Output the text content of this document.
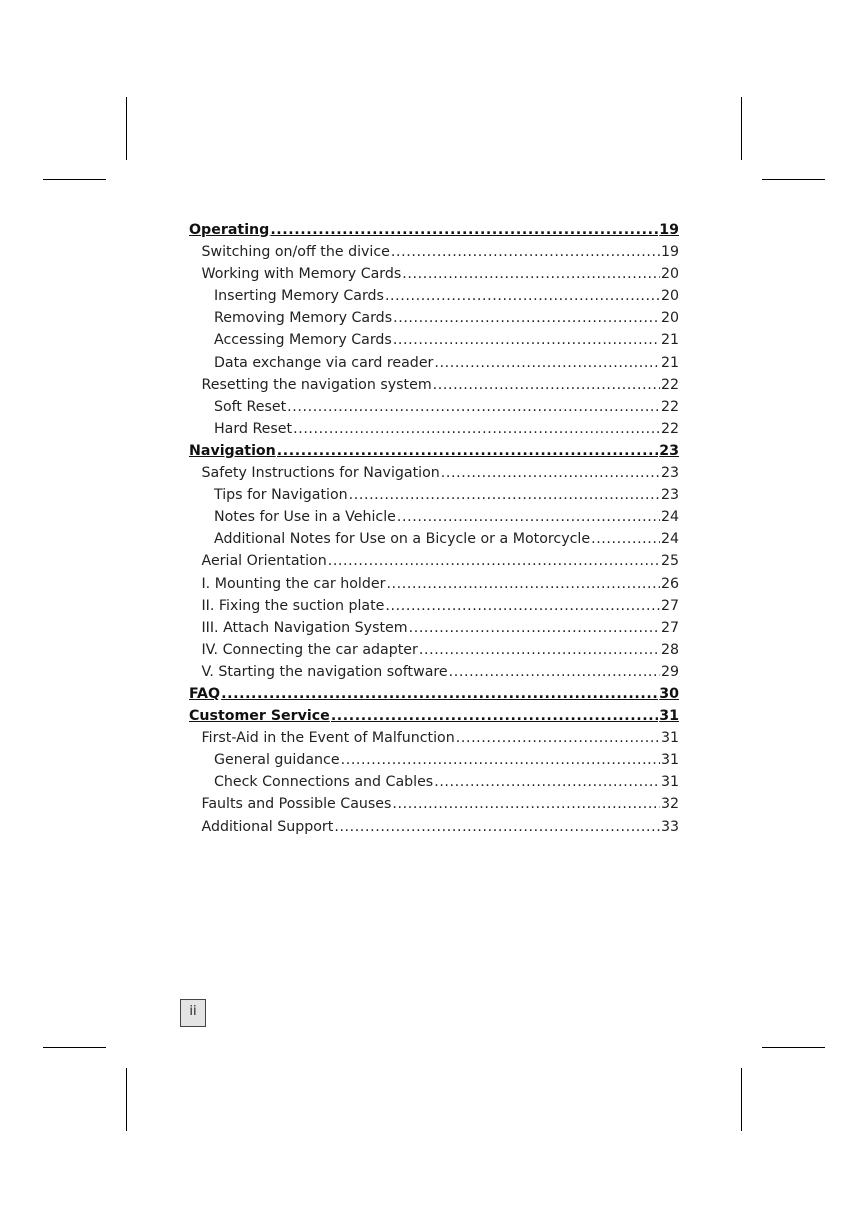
Operating .....	19
Switching on/off the divice .....	19
Working with Memory Cards .....	20
Inserting Memory Cards .....	20
Removing Memory Cards .....	20
Accessing Memory Cards .....	21
Data exchange via card reader .....	21
Resetting the navigation system .....	22
Soft Reset .....	22
Hard Reset .....	22
Navigation .....	23
Safety Instructions for Navigation .....	23
Tips for Navigation .....	23
Notes for Use in a Vehicle .....	24
Additional Notes for Use on a Bicycle or a Motorcycle .....	24
Aerial Orientation .....	25
I. Mounting the car holder .....	26
II. Fixing the suction plate .....	27
III. Attach Navigation System .....	27
IV. Connecting the car adapter .....	28
V. Starting the navigation software .....	29
FAQ .....	30
Customer Service .....	31
First-Aid in the Event of Malfunction .....	31
General guidance .....	31
Check Connections and Cables .....	31
Faults and Possible Causes .....	32
Additional Support .....	33
ii
